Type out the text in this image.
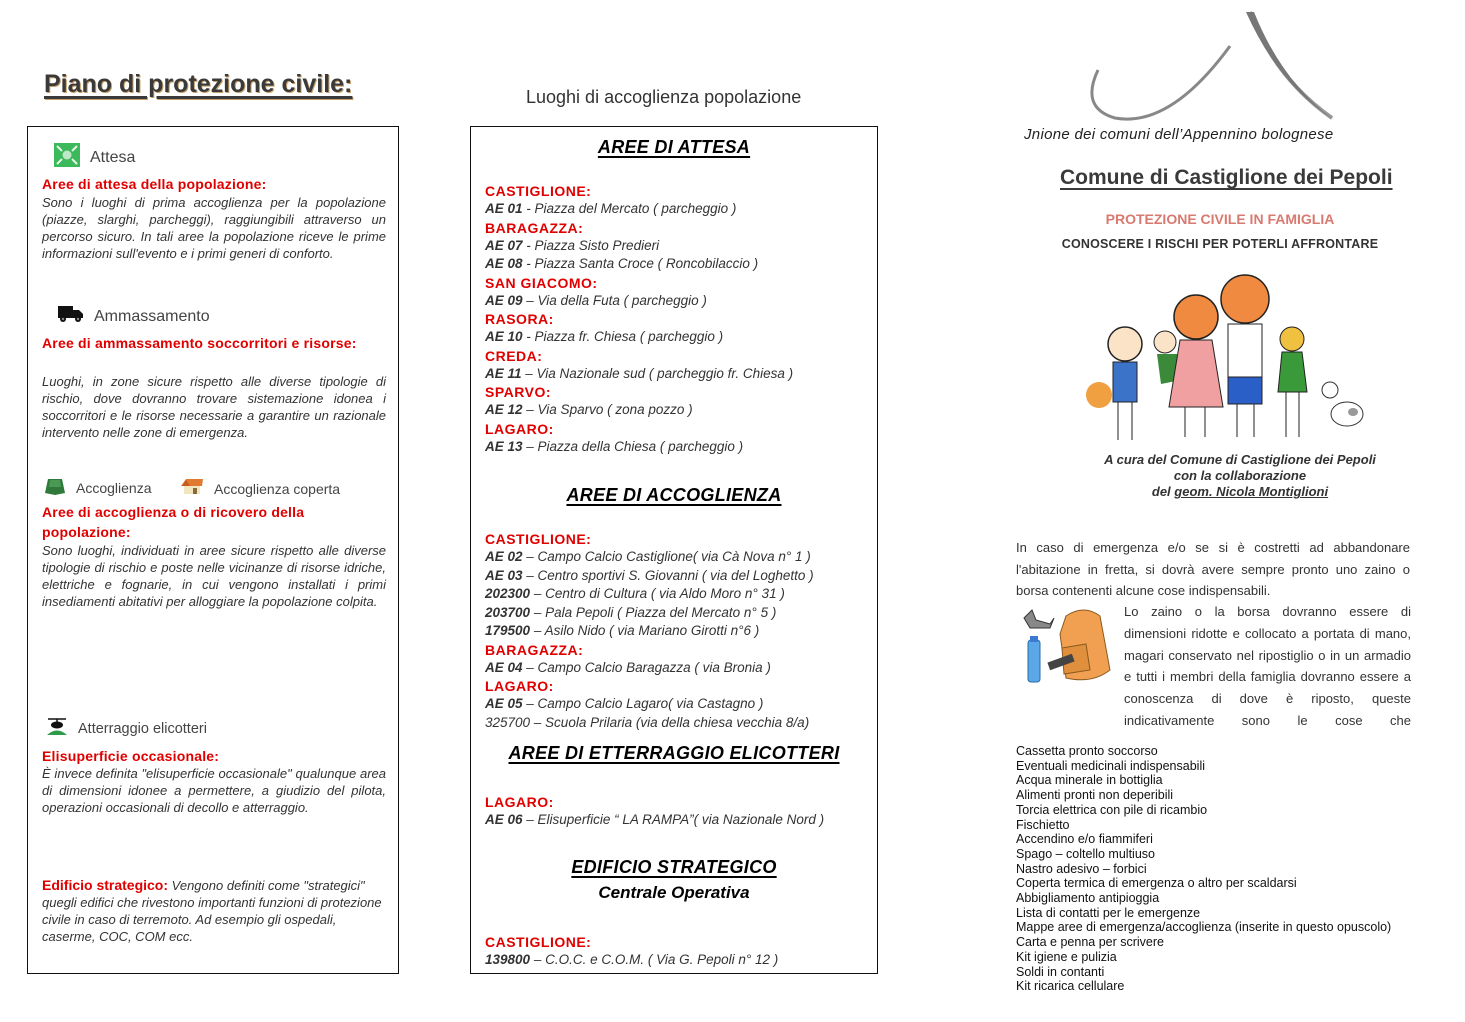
Piano di protezione civile:
Attesa
Aree di attesa della popolazione:
Sono i luoghi di prima accoglienza per la popolazione (piazze, slarghi, parcheggi), raggiungibili attraverso un percorso sicuro. In tali aree la popolazione riceve le prime informazioni sull'evento e i primi generi di conforto.
Ammassamento
Aree di ammassamento soccorritori e risorse:
Luoghi, in zone sicure rispetto alle diverse tipologie di rischio, dove dovranno trovare sistemazione idonea i soccorritori e le risorse necessarie a garantire un razionale intervento nelle zone di emergenza.
Accoglienza	Accoglienza coperta
Aree di accoglienza o di ricovero della popolazione:
Sono luoghi, individuati in aree sicure rispetto alle diverse tipologie di rischio e poste nelle vicinanze di risorse idriche, elettriche e fognarie, in cui vengono installati i primi insediamenti abitativi per alloggiare la popolazione colpita.
Atterraggio elicotteri
Elisuperficie occasionale:
È invece definita "elisuperficie occasionale" qualunque area di dimensioni idonee a permettere, a giudizio del pilota, operazioni occasionali di decollo e atterraggio.
Edificio strategico: Vengono definiti come "strategici" quegli edifici che rivestono importanti funzioni di protezione civile in caso di terremoto. Ad esempio gli ospedali, caserme, COC, COM ecc.
Luoghi di accoglienza popolazione
AREE DI ATTESA
CASTIGLIONE:
AE 01 - Piazza del Mercato ( parcheggio )
BARAGAZZA:
AE 07 - Piazza Sisto Predieri
AE 08 - Piazza Santa Croce ( Roncobilaccio )
SAN GIACOMO:
AE 09 – Via della Futa ( parcheggio )
RASORA:
AE 10 - Piazza fr. Chiesa ( parcheggio )
CREDA:
AE 11 – Via Nazionale sud ( parcheggio fr. Chiesa )
SPARVO:
AE 12 – Via Sparvo ( zona pozzo )
LAGARO:
AE 13 – Piazza della Chiesa ( parcheggio )
AREE DI ACCOGLIENZA
CASTIGLIONE:
AE 02 – Campo Calcio Castiglione( via Cà Nova n° 1 )
AE 03 – Centro sportivi S. Giovanni ( via del Loghetto )
202300 – Centro di Cultura ( via Aldo Moro n° 31 )
203700 – Pala Pepoli ( Piazza del Mercato n° 5 )
179500 – Asilo Nido ( via Mariano Girotti n°6 )
BARAGAZZA:
AE 04 – Campo Calcio Baragazza ( via Bronia )
LAGARO:
AE 05 – Campo Calcio Lagaro( via Castagno )
325700 – Scuola Prilaria (via della chiesa vecchia 8/a)
AREE DI ETTERRAGGIO ELICOTTERI
LAGARO:
AE 06 – Elisuperficie “ LA RAMPA”( via Nazionale Nord )
EDIFICIO STRATEGICO
Centrale Operativa
CASTIGLIONE:
139800 – C.O.C. e C.O.M. ( Via G. Pepoli n° 12 )
Jnione dei comuni dell’Appennino bolognese
Comune di Castiglione dei Pepoli
PROTEZIONE CIVILE IN FAMIGLIA
CONOSCERE I RISCHI PER POTERLI AFFRONTARE
A cura del Comune di Castiglione dei Pepoli
con la collaborazione
del geom. Nicola Montiglioni
In caso di emergenza e/o se si è costretti ad abbandonare l'abitazione in fretta, si dovrà avere sempre pronto uno zaino o borsa contenenti alcune cose indispensabili.
Lo zaino o la borsa dovranno essere di dimensioni ridotte e collocato a portata di mano, magari conservato nel ripostiglio o in un armadio e tutti i membri della famiglia dovranno essere a conoscenza di dove è riposto, queste indicativamente sono le cose che
Cassetta pronto soccorso
Eventuali medicinali indispensabili
Acqua minerale in bottiglia
Alimenti pronti non deperibili
Torcia elettrica con pile di ricambio
Fischietto
Accendino e/o fiammiferi
Spago – coltello multiuso
Nastro adesivo – forbici
Coperta termica di emergenza o altro per scaldarsi
Abbigliamento antipioggia
Lista di contatti per le emergenze
Mappe aree di emergenza/accoglienza (inserite in questo opuscolo)
Carta e penna per scrivere
Kit igiene e pulizia
Soldi in contanti
Kit ricarica cellulare
